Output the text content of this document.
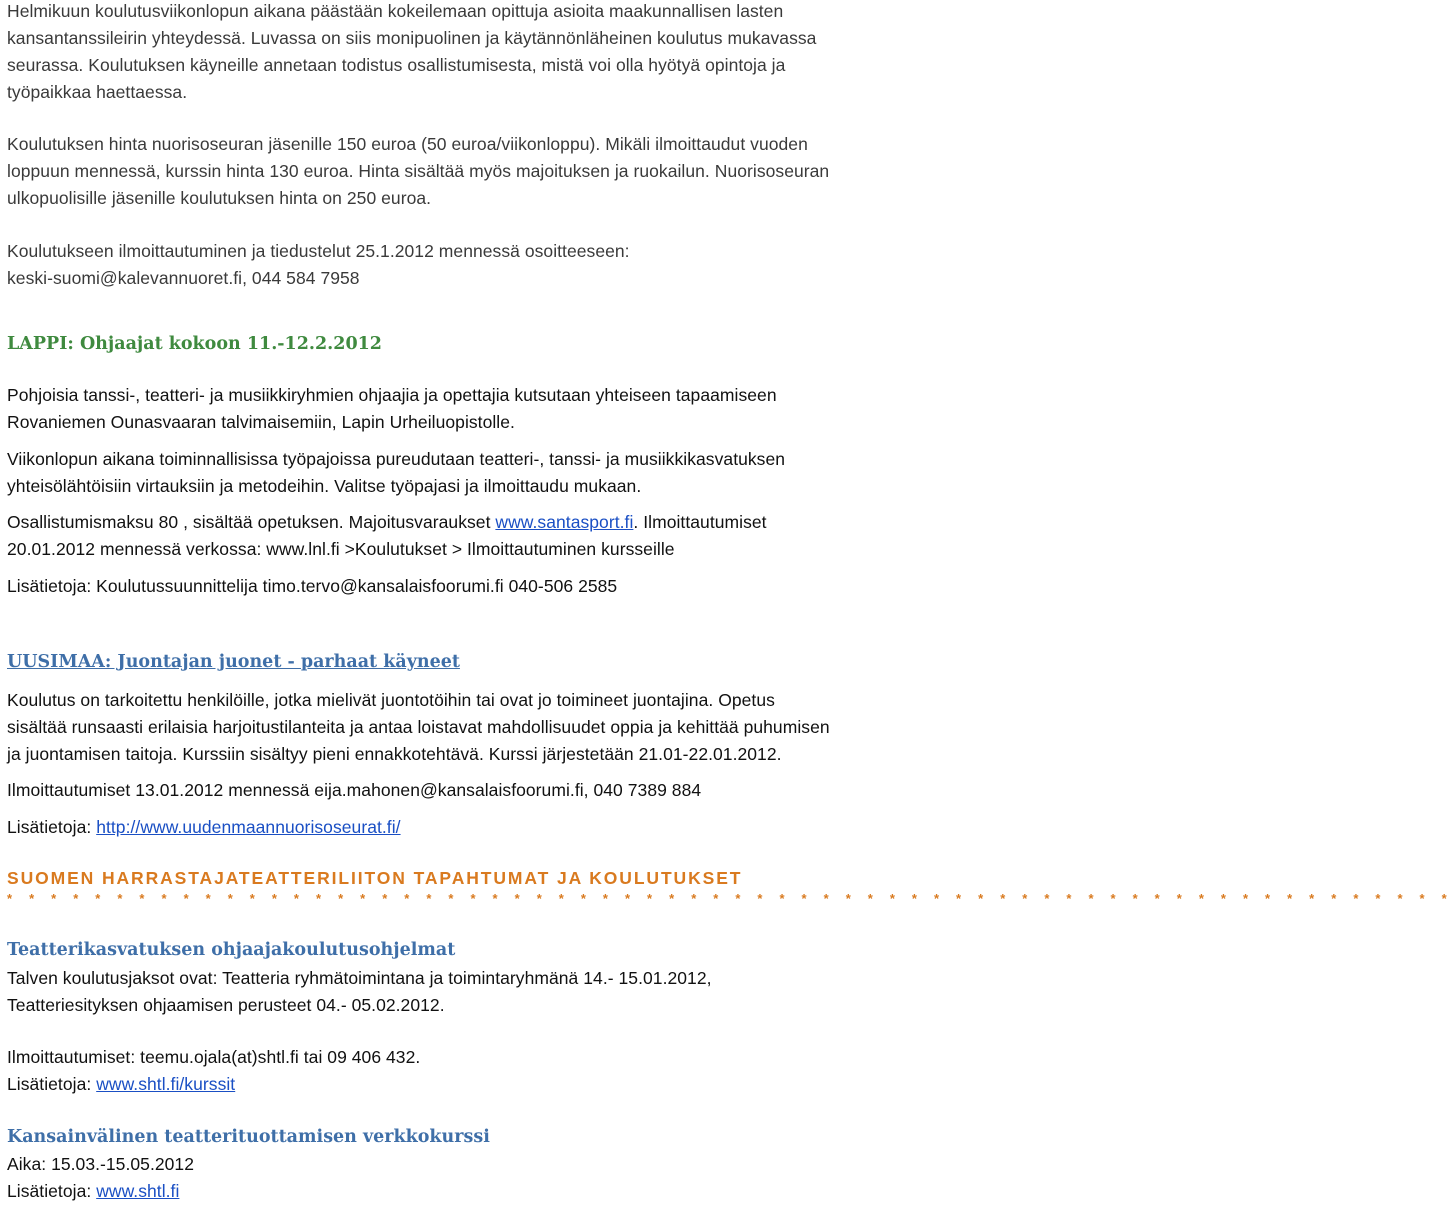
Helmikuun koulutusviikonlopun aikana päästään kokeilemaan opittuja asioita maakunnallisen lasten
kansantanssileirin yhteydessä. Luvassa on siis monipuolinen ja käytännönläheinen koulutus mukavassa
seurassa. Koulutuksen käyneille annetaan todistus osallistumisesta, mistä voi olla hyötyä opintoja ja
työpaikkaa haettaessa.
Koulutuksen hinta nuorisoseuran jäsenille 150 euroa (50 euroa/viikonloppu). Mikäli ilmoittaudut vuoden
loppuun mennessä, kurssin hinta 130 euroa. Hinta sisältää myös majoituksen ja ruokailun. Nuorisoseuran
ulkopuolisille jäsenille koulutuksen hinta on 250 euroa.
Koulutukseen ilmoittautuminen ja tiedustelut 25.1.2012 mennessä osoitteeseen:
keski-suomi@kalevannuoret.fi, 044 584 7958
LAPPI: Ohjaajat kokoon 11.-12.2.2012
Pohjoisia tanssi-, teatteri- ja musiikkiryhmien ohjaajia ja opettajia kutsutaan yhteiseen tapaamiseen
Rovaniemen Ounasvaaran talvimaisemiin, Lapin Urheiluopistolle.
Viikonlopun aikana toiminnallisissa työpajoissa pureudutaan teatteri-, tanssi- ja musiikkikasvatuksen
yhteisölähtöisiin virtauksiin ja metodeihin. Valitse työpajasi ja ilmoittaudu mukaan.
Osallistumismaksu 80 , sisältää opetuksen. Majoitusvaraukset www.santasport.fi. Ilmoittautumiset
20.01.2012 mennessä verkossa: www.lnl.fi >Koulutukset > Ilmoittautuminen kursseille
Lisätietoja: Koulutussuunnittelija timo.tervo@kansalaisfoorumi.fi 040-506 2585
UUSIMAA: Juontajan juonet - parhaat käyneet
Koulutus on tarkoitettu henkilöille, jotka mielivät juontotöihin tai ovat jo toimineet juontajina. Opetus
sisältää runsaasti erilaisia harjoitustilanteita ja antaa loistavat mahdollisuudet oppia ja kehittää puhumisen
ja juontamisen taitoja. Kurssiin sisältyy pieni ennakkotehtävä. Kurssi järjestetään 21.01-22.01.2012.
Ilmoittautumiset 13.01.2012 mennessä eija.mahonen@kansalaisfoorumi.fi, 040 7389 884
Lisätietoja: http://www.uudenmaannuorisoseurat.fi/
SUOMEN HARRASTAJATEATTERILIITON TAPAHTUMAT JA KOULUTUKSET
* * * * * * * * * * * * * * * * * * * * * * * * * * * * * * * * * * * * * * * * * * * * * * * * * * * * * * * * * * * * * * * * * *
Teatterikasvatuksen ohjaajakoulutusohjelmat
Talven koulutusjaksot ovat: Teatteria ryhmätoimintana ja toimintaryhmänä 14.- 15.01.2012,
Teatteriesityksen ohjaamisen perusteet 04.- 05.02.2012.
Ilmoittautumiset: teemu.ojala(at)shtl.fi tai 09 406 432.
Lisätietoja: www.shtl.fi/kurssit
Kansainvälinen teatterituottamisen verkkokurssi
Aika: 15.03.-15.05.2012
Lisätietoja: www.shtl.fi
